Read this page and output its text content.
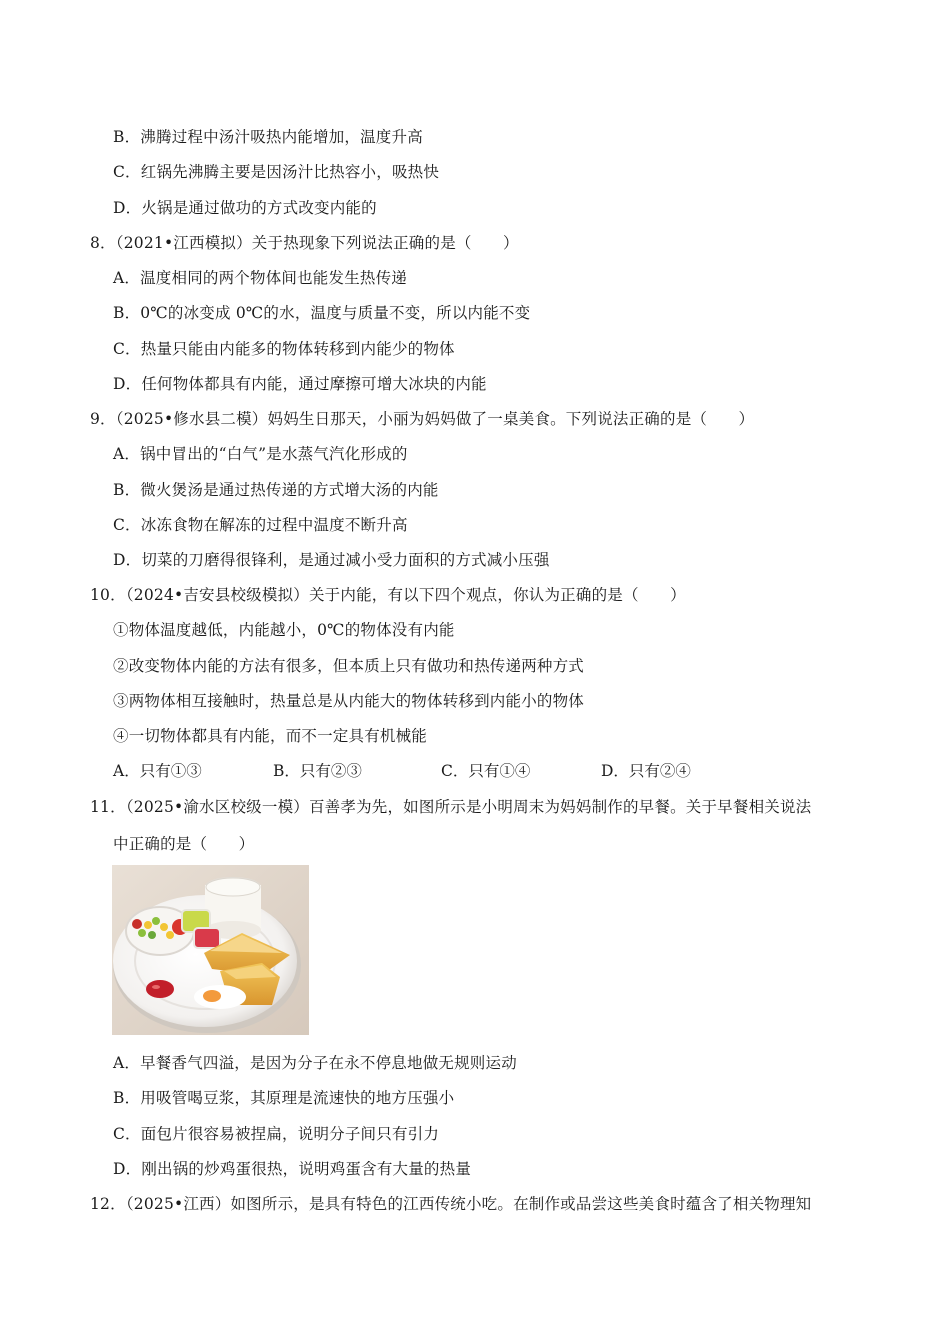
B．沸腾过程中汤汁吸热内能增加，温度升高
C．红锅先沸腾主要是因汤汁比热容小，吸热快
D．火锅是通过做功的方式改变内能的
8．（2021•江西模拟）关于热现象下列说法正确的是（　　）
A．温度相同的两个物体间也能发生热传递
B．0℃的冰变成 0℃的水，温度与质量不变，所以内能不变
C．热量只能由内能多的物体转移到内能少的物体
D．任何物体都具有内能，通过摩擦可增大冰块的内能
9．（2025•修水县二模）妈妈生日那天，小丽为妈妈做了一桌美食。下列说法正确的是（　　）
A．锅中冒出的“白气”是水蒸气汽化形成的
B．微火煲汤是通过热传递的方式增大汤的内能
C．冰冻食物在解冻的过程中温度不断升高
D．切菜的刀磨得很锋利，是通过减小受力面积的方式减小压强
10．（2024•吉安县校级模拟）关于内能，有以下四个观点，你认为正确的是（　　）
①物体温度越低，内能越小，0℃的物体没有内能
②改变物体内能的方法有很多，但本质上只有做功和热传递两种方式
③两物体相互接触时，热量总是从内能大的物体转移到内能小的物体
④一切物体都具有内能，而不一定具有机械能
A．只有①③	B．只有②③	C．只有①④	D．只有②④
11．（2025•渝水区校级一模）百善孝为先，如图所示是小明周末为妈妈制作的早餐。关于早餐相关说法
中正确的是（　　）
A．早餐香气四溢，是因为分子在永不停息地做无规则运动
B．用吸管喝豆浆，其原理是流速快的地方压强小
C．面包片很容易被捏扁，说明分子间只有引力
D．刚出锅的炒鸡蛋很热，说明鸡蛋含有大量的热量
12．（2025•江西）如图所示，是具有特色的江西传统小吃。在制作或品尝这些美食时蕴含了相关物理知
